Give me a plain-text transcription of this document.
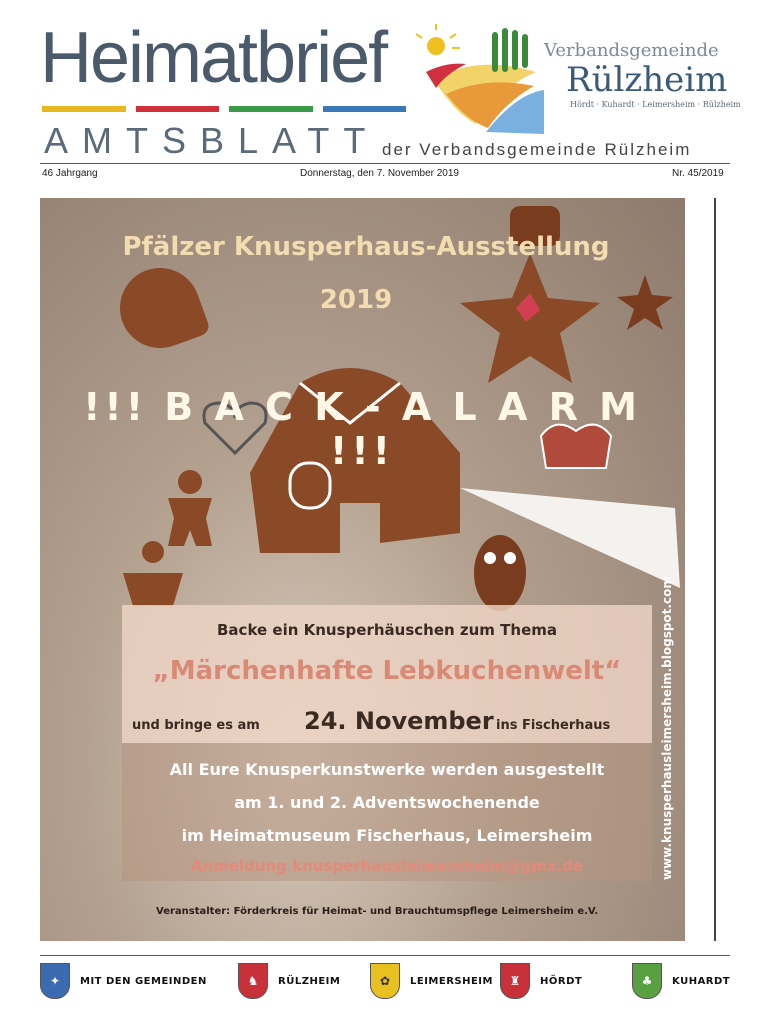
Heimatbrief
AMTSBLATT der Verbandsgemeinde Rülzheim
Verbandsgemeinde
Rülzheim
Hördt · Kuhardt · Leimersheim · Rülzheim
46 Jahrgang	Donnerstag, den 7. November 2019	Nr. 45/2019
Pfälzer Knusperhaus-Ausstellung
2019
!!! B A C K - A L A R M !!!
Backe ein Knusperhäuschen zum Thema
„Märchenhafte Lebkuchenwelt“
und bringe es am 24. November ins Fischerhaus
All Eure Knusperkunstwerke werden ausgestellt
am 1. und 2. Adventswochenende
im Heimatmuseum Fischerhaus, Leimersheim
Anmeldung knusperhausleimersheim@gmx.de
Veranstalter: Förderkreis für Heimat- und Brauchtumspflege Leimersheim e.V.
www.knusperhausleimersheim.blogspot.com
✦	MIT DEN GEMEINDEN	♞	RÜLZHEIM	✿	LEIMERSHEIM	♜	HÖRDT	♣	KUHARDT
